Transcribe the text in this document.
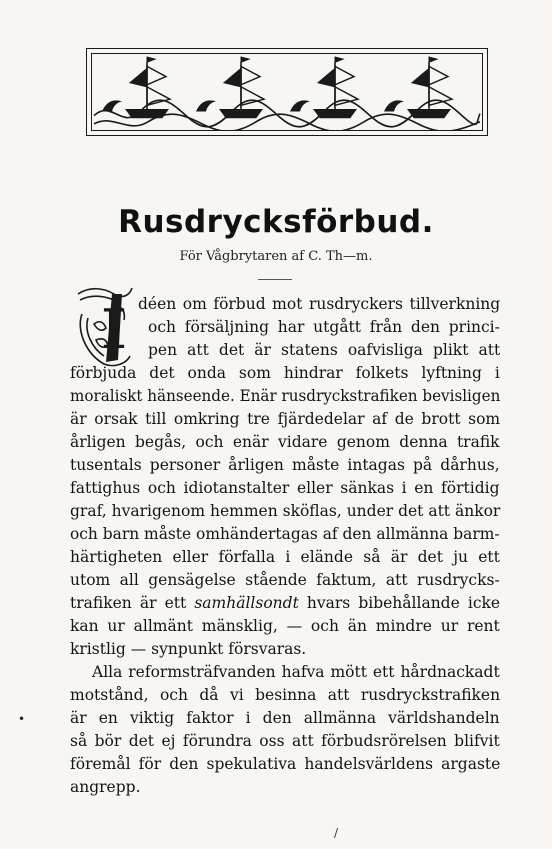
Rusdrycksförbud.
För Vågbrytaren af C. Th—m.
I déen om förbud mot rusdryckers tillverkning
och försäljning har utgått från den princi-
pen att det är statens oafvisliga plikt att
förbjuda det onda som hindrar folkets lyftning i
moraliskt hänseende. Enär rusdryckstrafiken bevisligen
är orsak till omkring tre fjärdedelar af de brott som
årligen begås, och enär vidare genom denna trafik
tusentals personer årligen måste intagas på dårhus,
fattighus och idiotanstalter eller sänkas i en förtidig
graf, hvarigenom hemmen sköflas, under det att änkor
och barn måste omhändertagas af den allmänna barm-
härtigheten eller förfalla i elände så är det ju ett
utom all gensägelse stående faktum, att rusdrycks-
trafiken är ett samhällsondt hvars bibehållande icke
kan ur allmänt mänsklig, — och än mindre ur rent
kristlig — synpunkt försvaras.
Alla reformsträfvanden hafva mött ett hårdnackadt
motstånd, och då vi besinna att rusdryckstrafiken
är en viktig faktor i den allmänna världshandeln
så bör det ej förundra oss att förbudsrörelsen blifvit
föremål för den spekulativa handelsvärldens argaste
angrepp.
•
/
